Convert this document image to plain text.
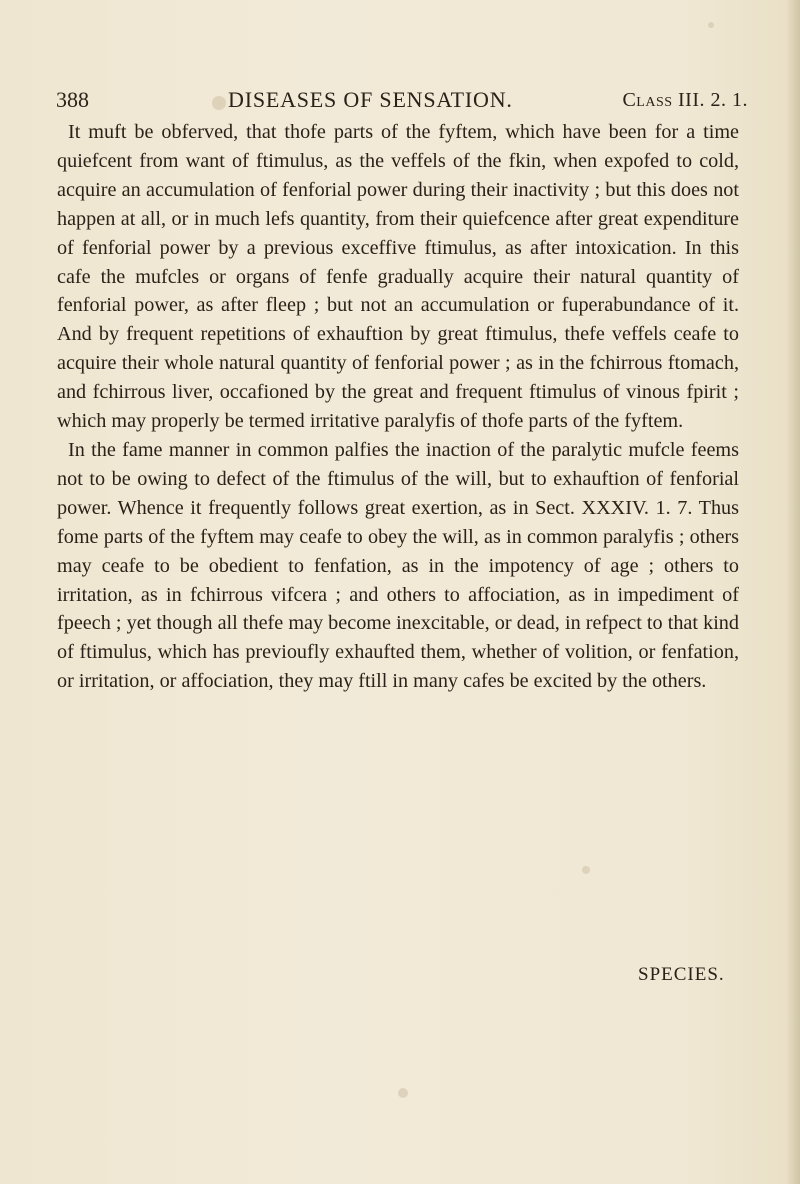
388	DISEASES OF SENSATION.	Class III. 2. 1.

It muft be obferved, that thofe parts of the fyftem, which have been for a time quiefcent from want of ftimulus, as the veffels of the fkin, when expofed to cold, acquire an accumulation of fenforial power during their inactivity ; but this does not happen at all, or in much lefs quantity, from their quiefcence after great expenditure of fenforial power by a previous exceffive ftimulus, as after intoxication. In this cafe the mufcles or organs of fenfe gradually acquire their natural quantity of fenforial power, as after fleep ; but not an accumulation or fuperabundance of it. And by frequent repetitions of exhauftion by great ftimulus, thefe veffels ceafe to acquire their whole natural quantity of fenforial power ; as in the fchirrous ftomach, and fchirrous liver, occafioned by the great and frequent ftimulus of vinous fpirit ; which may properly be termed irritative paralyfis of thofe parts of the fyftem.

In the fame manner in common palfies the inaction of the paralytic mufcle feems not to be owing to defect of the ftimulus of the will, but to exhauftion of fenforial power. Whence it frequently follows great exertion, as in Sect. XXXIV. 1. 7. Thus fome parts of the fyftem may ceafe to obey the will, as in common paralyfis ; others may ceafe to be obedient to fenfation, as in the impotency of age ; others to irritation, as in fchirrous vifcera ; and others to affociation, as in impediment of fpeech ; yet though all thefe may become inexcitable, or dead, in refpect to that kind of ftimulus, which has previoufly exhaufted them, whether of volition, or fenfation, or irritation, or affociation, they may ftill in many cafes be excited by the others.

SPECIES.
